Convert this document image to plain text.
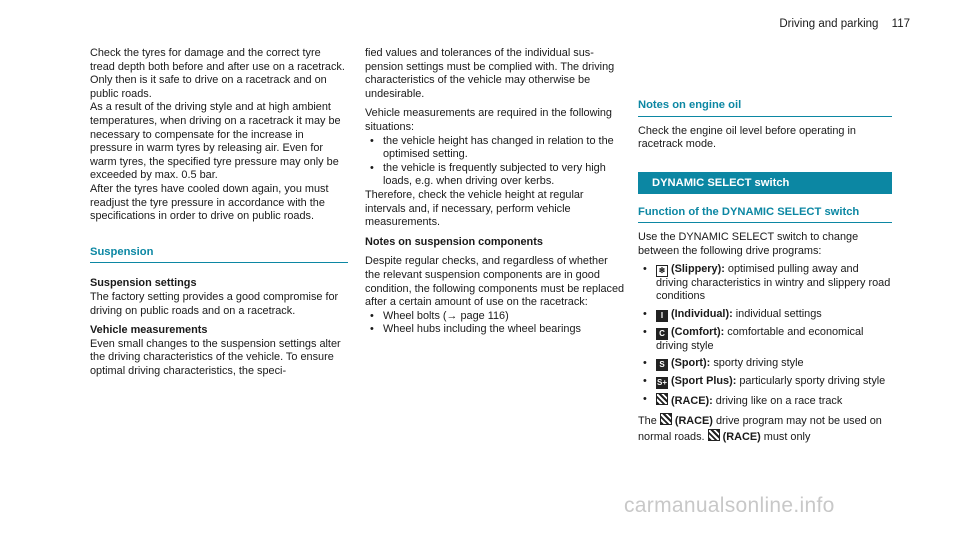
Driving and parking 117

Check the tyres for damage and the correct tyre tread depth both before and after use on a racetrack. Only then is it safe to drive on a racetrack and on public roads.

As a result of the driving style and at high ambient temperatures, when driving on a racetrack it may be necessary to compensate for the increase in pressure in warm tyres by releasing air. Even for warm tyres, the specified tyre pressure may only be exceeded by max. 0.5 bar.

After the tyres have cooled down again, you must readjust the tyre pressure in accordance with the specifications in order to drive on public roads.

Suspension
Suspension settings

The factory setting provides a good compromise for driving on public roads and on a racetrack.

Vehicle measurements

Even small changes to the suspension settings alter the driving characteristics of the vehicle. To ensure optimal driving characteristics, the speci-

fied values and tolerances of the individual suspension settings must be complied with. The driving characteristics of the vehicle may otherwise be undesirable.

Vehicle measurements are required in the following situations:

• the vehicle height has changed in relation to the optimised setting.
• the vehicle is frequently subjected to very high loads, e.g. when driving over kerbs.

Therefore, check the vehicle height at regular intervals and, if necessary, perform vehicle measurements.

Notes on suspension components

Despite regular checks, and regardless of whether the relevant suspension components are in good condition, the following components must be replaced after a certain amount of use on the racetrack:

• Wheel bolts (→ page 116)
• Wheel hubs including the wheel bearings
Notes on engine oil

Check the engine oil level before operating in racetrack mode.

DYNAMIC SELECT switch
Function of the DYNAMIC SELECT switch

Use the DYNAMIC SELECT switch to change between the following drive programs:

• ❄ (Slippery): optimised pulling away and driving characteristics in wintry and slippery road conditions
• I (Individual): individual settings
• C (Comfort): comfortable and economical driving style
• S (Sport): sporty driving style
• S+ (Sport Plus): particularly sporty driving style
• (RACE): driving like on a race track

The (RACE) drive program may not be used on normal roads. (RACE) must only

carmanualsonline.info
